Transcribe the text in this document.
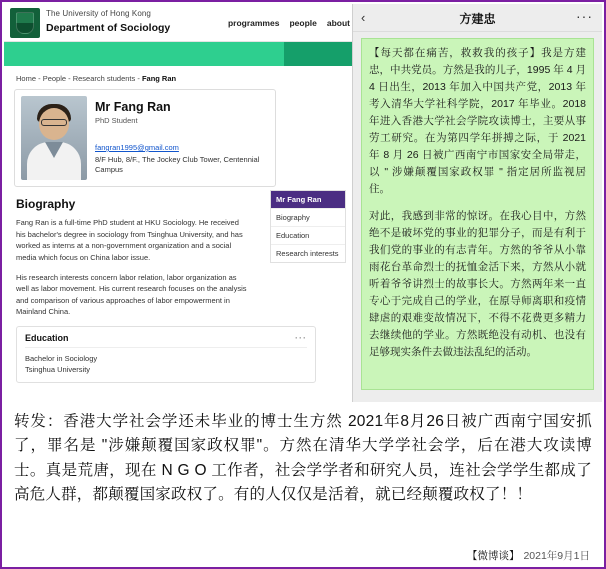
The University of Hong Kong
Department of Sociology	programmes people about
Home - People - Research students - Fang Ran
Mr Fang Ran
PhD Student
fangran1995@gmail.com
8/F Hub, 8/F., The Jockey Club Tower, Centennial Campus
Mr Fang Ran
Biography
Education
Research interests
Biography

Fang Ran is a full-time PhD student at HKU Sociology. He received his bachelor's degree in sociology from Tsinghua University, and has worked as interns at a non-government organization and a social media which focus on China labor issue.

His research interests concern labor relation, labor organization as well as labor movement. His current research focuses on the analysis and comparison of various approaches of labor empowerment in Mainland China.

Education	···
Bachelor in Sociology
Tsinghua University
‹	方建忠	···

【每天都在痛苦，救救我的孩子】我是方建忠，中共党员。方然是我的儿子，1995 年 4 月 4 日出生，2013 年加入中国共产党，2013 年考入清华大学社科学院，2017 年毕业。2018 年进入香港大学社会学院攻读博士，主要从事劳工研究。在为第四学年拼搏之际，于 2021 年 8 月 26 日被广西南宁市国家安全局带走，以 " 涉嫌颠覆国家政权罪 " 指定居所监视居住。

对此，我感到非常的惊讶。在我心目中，方然绝不是破坏党的事业的犯罪分子，而是有利于我们党的事业的有志青年。方然的爷爷从小靠雨花台革命烈士的抚恤金活下来，方然从小就听着爷爷讲烈士的故事长大。方然两年来一直专心于完成自己的学业，在原导师离职和疫情肆虐的艰难变故情况下，不得不花费更多精力去继续他的学业。方然既绝没有动机、也没有足够现实条件去做违法乱纪的活动。

转发：香港大学社会学还未毕业的博士生方然 2021年8月26日被广西南宁国安抓了，罪名是 "涉嫌颠覆国家政权罪"。方然在清华大学学社会学，后在港大攻读博士。真是荒唐，现在 N G O 工作者，社会学学者和研究人员，连社会学学生都成了高危人群，都颠覆国家政权了。有的人仅仅是活着，就已经颠覆政权了！！
【微博谈】 2021年9月1日
